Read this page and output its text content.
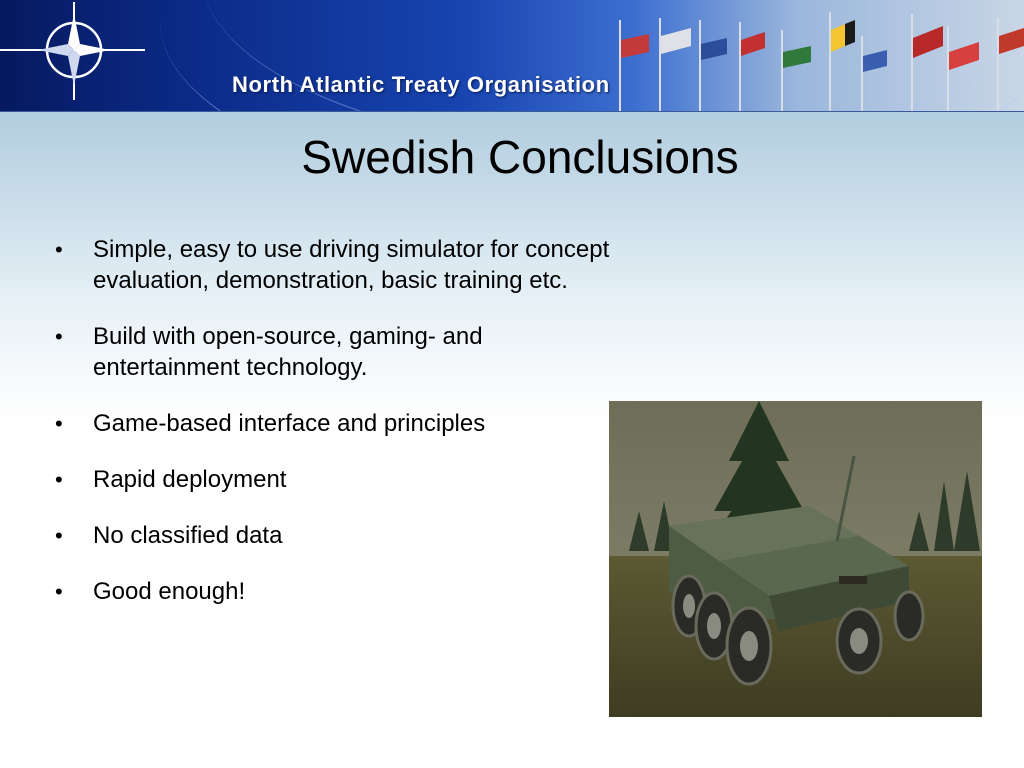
North Atlantic Treaty Organisation
Swedish Conclusions
• Simple, easy to use driving simulator for concept evaluation, demonstration, basic training etc.
• Build with open-source, gaming- and entertainment technology.
• Game-based interface and principles
• Rapid deployment
• No classified data
• Good enough!
